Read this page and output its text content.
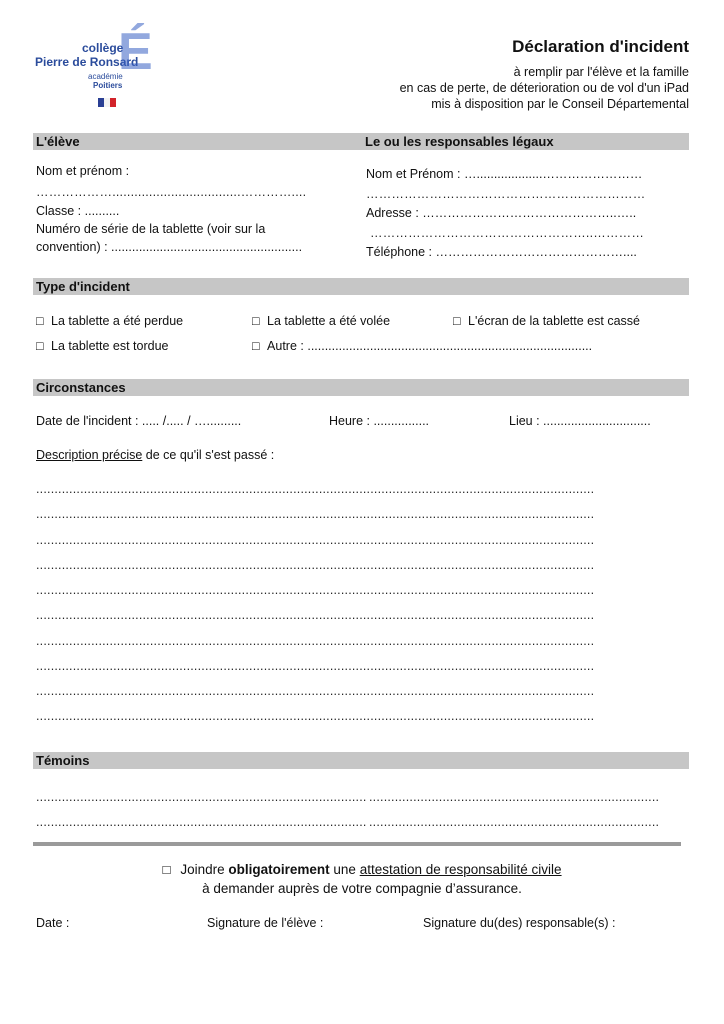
collège
Pierre de Ronsard
É
académie
Poitiers
Déclaration d'incident
à remplir par l'élève et la famille
en cas de perte, de déterioration ou de vol d'un iPad
mis à disposition par le Conseil Départemental
L'élève	Le ou les responsables légaux
Nom et prénom :
………………...................................…………....
Classe : ..........
Numéro de série de la tablette (voir sur la
convention) : .......................................................
Nom et Prénom : …...................……………………
…………………………………………………………
Adresse : ………………………………………..…..
……………………………………………..…………
Téléphone : ………………………………………....
Type d'incident
□ La tablette a été perdue	□ La tablette a été volée	□ L'écran de la tablette est cassé
□ La tablette est tordue	□ Autre : ..................................................................................
Circonstances
Date de l'incident : ..... /..... / …..........	Heure : ................	Lieu : ...............................
Description précise de ce qu'il s'est passé :
........................................................................................................................................................
........................................................................................................................................................
........................................................................................................................................................
........................................................................................................................................................
........................................................................................................................................................
........................................................................................................................................................
........................................................................................................................................................
........................................................................................................................................................
........................................................................................................................................................
........................................................................................................................................................
Témoins
.......................................................................................... ...............................................................................
.......................................................................................... ...............................................................................
□ Joindre obligatoirement une attestation de responsabilité civile
à demander auprès de votre compagnie d’assurance.
Date :	Signature de l'élève :	Signature du(des) responsable(s) :
